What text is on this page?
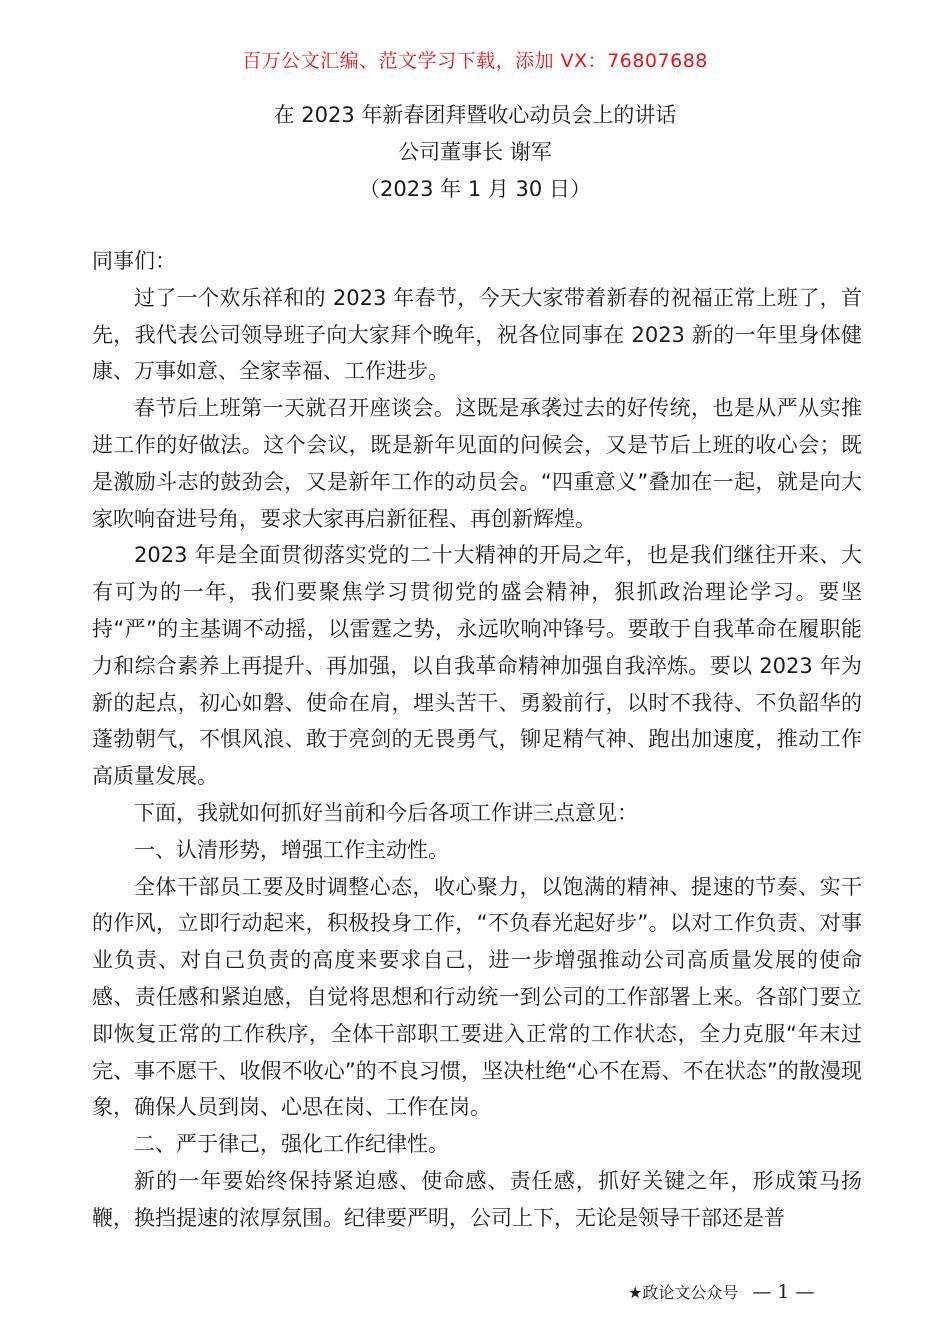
百万公文汇编、范文学习下载，添加 VX：76807688
在 2023 年新春团拜暨收心动员会上的讲话
公司董事长 谢军
（2023 年 1 月 30 日）

同事们：

过了一个欢乐祥和的 2023 年春节，今天大家带着新春的祝福正常上班了，首先，我代表公司领导班子向大家拜个晚年，祝各位同事在 2023 新的一年里身体健康、万事如意、全家幸福、工作进步。

春节后上班第一天就召开座谈会。这既是承袭过去的好传统，也是从严从实推进工作的好做法。这个会议，既是新年见面的问候会，又是节后上班的收心会；既是激励斗志的鼓劲会，又是新年工作的动员会。“四重意义”叠加在一起，就是向大家吹响奋进号角，要求大家再启新征程、再创新辉煌。

2023 年是全面贯彻落实党的二十大精神的开局之年，也是我们继往开来、大有可为的一年，我们要聚焦学习贯彻党的盛会精神，狠抓政治理论学习。要坚持“严”的主基调不动摇，以雷霆之势，永远吹响冲锋号。要敢于自我革命在履职能力和综合素养上再提升、再加强，以自我革命精神加强自我淬炼。要以 2023 年为新的起点，初心如磐、使命在肩，埋头苦干、勇毅前行，以时不我待、不负韶华的蓬勃朝气，不惧风浪、敢于亮剑的无畏勇气，铆足精气神、跑出加速度，推动工作高质量发展。

下面，我就如何抓好当前和今后各项工作讲三点意见：

一、认清形势，增强工作主动性。

全体干部员工要及时调整心态，收心聚力，以饱满的精神、提速的节奏、实干的作风，立即行动起来，积极投身工作，“不负春光起好步”。以对工作负责、对事业负责、对自己负责的高度来要求自己，进一步增强推动公司高质量发展的使命感、责任感和紧迫感，自觉将思想和行动统一到公司的工作部署上来。各部门要立即恢复正常的工作秩序，全体干部职工要进入正常的工作状态，全力克服“年末过完、事不愿干、收假不收心”的不良习惯，坚决杜绝“心不在焉、不在状态”的散漫现象，确保人员到岗、心思在岗、工作在岗。

二、严于律己，强化工作纪律性。

新的一年要始终保持紧迫感、使命感、责任感，抓好关键之年，形成策马扬鞭，换挡提速的浓厚氛围。纪律要严明，公司上下，无论是领导干部还是普

★政论文公众号 — 1 —
